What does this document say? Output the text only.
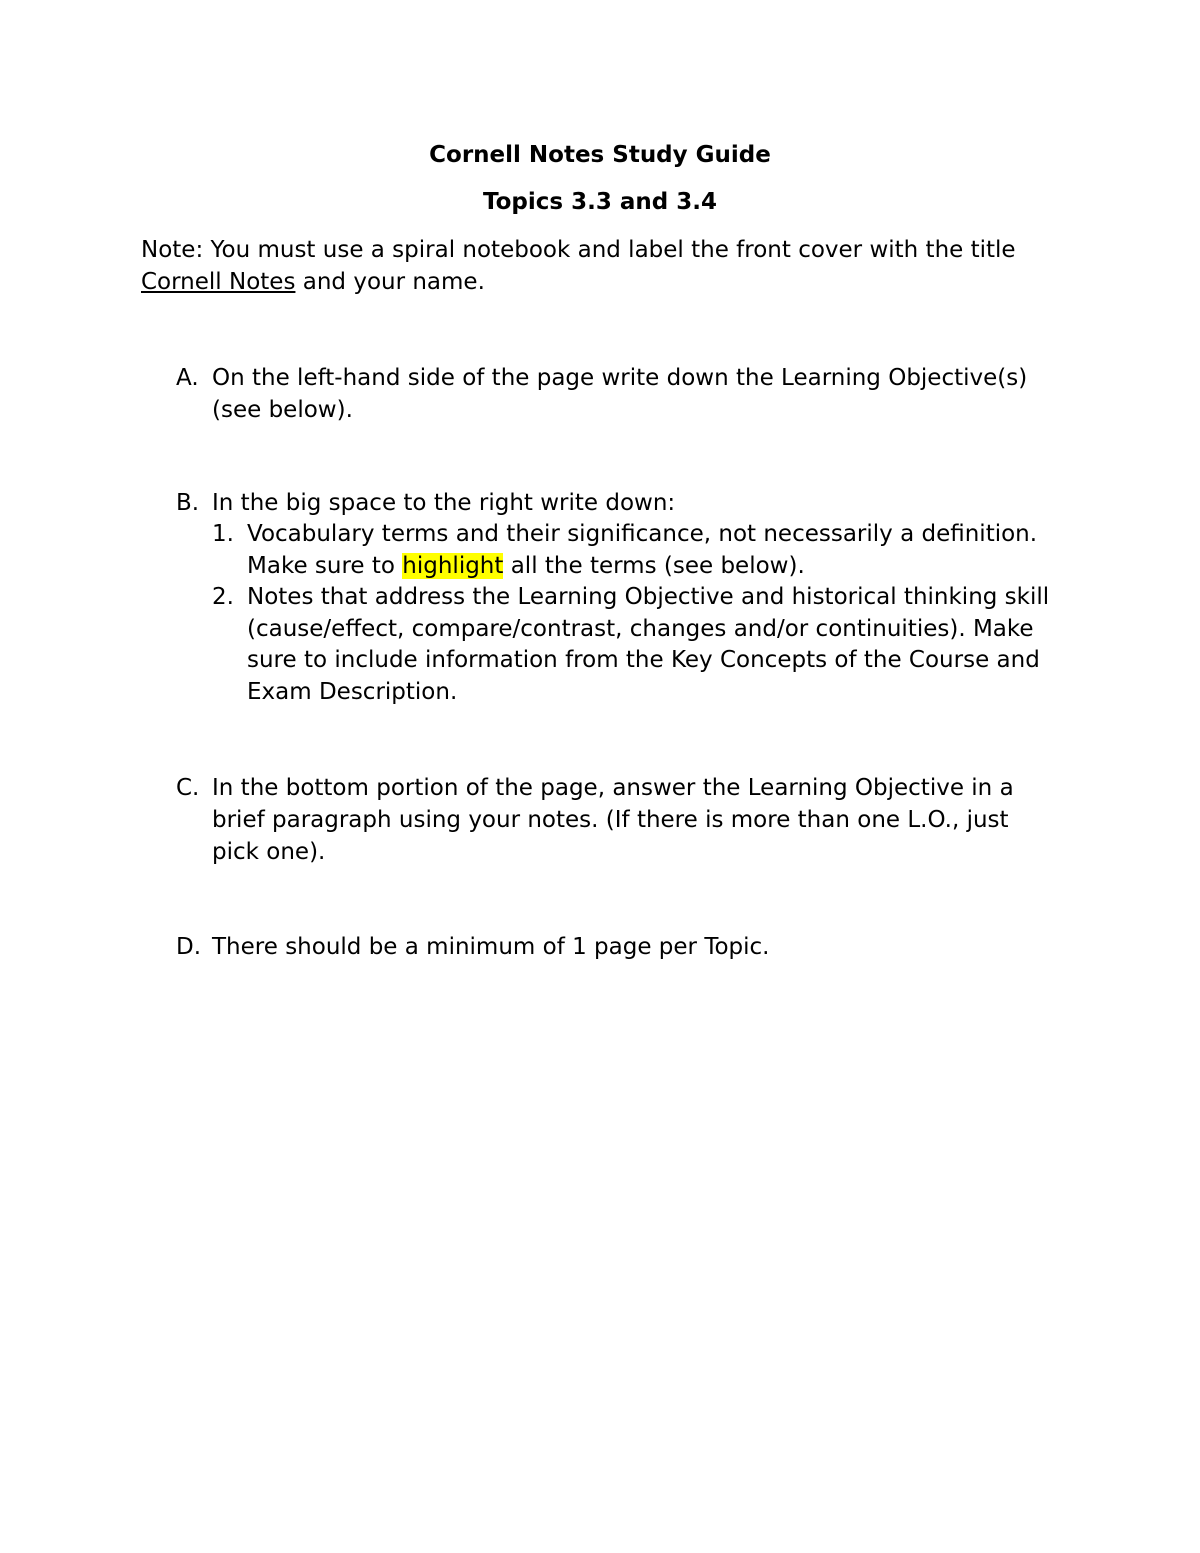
Cornell Notes Study Guide
Topics 3.3 and 3.4
Note: You must use a spiral notebook and label the front cover with the title Cornell Notes and your name.
A. On the left-hand side of the page write down the Learning Objective(s) (see below).
B. In the big space to the right write down:
1. Vocabulary terms and their significance, not necessarily a definition. Make sure to highlight all the terms (see below).
2. Notes that address the Learning Objective and historical thinking skill (cause/effect, compare/contrast, changes and/or continuities). Make sure to include information from the Key Concepts of the Course and Exam Description.
C. In the bottom portion of the page, answer the Learning Objective in a brief paragraph using your notes. (If there is more than one L.O., just pick one).
D. There should be a minimum of 1 page per Topic.
